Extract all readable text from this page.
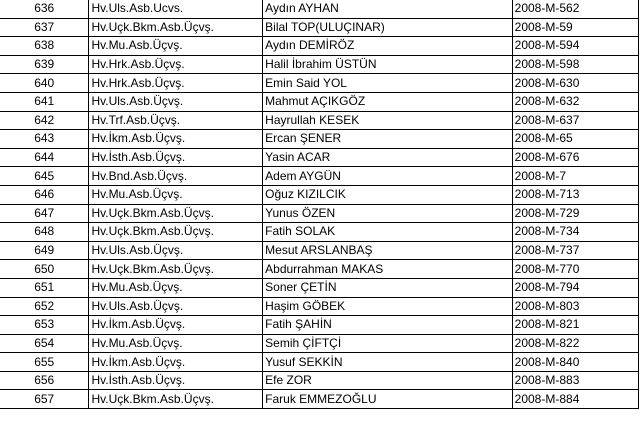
636	Hv.Uls.Asb.Ucvs.	Aydın AYHAN	2008-M-562
637	Hv.Uçk.Bkm.Asb.Üçvş.	Bilal TOP(ULUÇINAR)	2008-M-59
638	Hv.Mu.Asb.Üçvş.	Aydın DEMİRÖZ	2008-M-594
639	Hv.Hrk.Asb.Üçvş.	Halil İbrahim ÜSTÜN	2008-M-598
640	Hv.Hrk.Asb.Üçvş.	Emin Said YOL	2008-M-630
641	Hv.Uls.Asb.Üçvş.	Mahmut AÇIKGÖZ	2008-M-632
642	Hv.Trf.Asb.Üçvş.	Hayrullah KESEK	2008-M-637
643	Hv.İkm.Asb.Üçvş.	Ercan ŞENER	2008-M-65
644	Hv.İsth.Asb.Üçvş.	Yasin ACAR	2008-M-676
645	Hv.Bnd.Asb.Üçvş.	Adem AYGÜN	2008-M-7
646	Hv.Mu.Asb.Üçvş.	Oğuz KIZILCIK	2008-M-713
647	Hv.Uçk.Bkm.Asb.Üçvş.	Yunus ÖZEN	2008-M-729
648	Hv.Uçk.Bkm.Asb.Üçvş.	Fatih SOLAK	2008-M-734
649	Hv.Uls.Asb.Üçvş.	Mesut ARSLANBAŞ	2008-M-737
650	Hv.Uçk.Bkm.Asb.Üçvş.	Abdurrahman MAKAS	2008-M-770
651	Hv.Mu.Asb.Üçvş.	Soner ÇETİN	2008-M-794
652	Hv.Uls.Asb.Üçvş.	Haşim GÖBEK	2008-M-803
653	Hv.İkm.Asb.Üçvş.	Fatih ŞAHİN	2008-M-821
654	Hv.Mu.Asb.Üçvş.	Semih ÇİFTÇİ	2008-M-822
655	Hv.İkm.Asb.Üçvş.	Yusuf SEKKİN	2008-M-840
656	Hv.İsth.Asb.Üçvş.	Efe ZOR	2008-M-883
657	Hv.Uçk.Bkm.Asb.Üçvş.	Faruk EMMEZOĞLU	2008-M-884
